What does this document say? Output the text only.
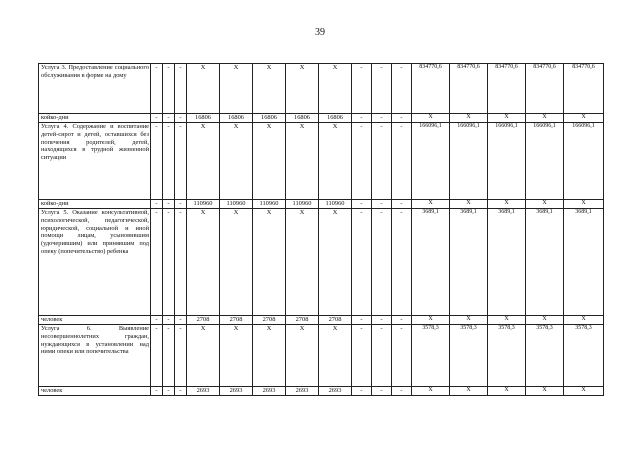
39
Услуга 3. Предоставление социального обслуживания в форме на дому	-	-	-	X	X	X	X	X	-	-	-	834770,6	834770,6	834770,6	834770,6	834770,6
койко-дни	-	-	-	16806	16806	16806	16806	16806	-	-	-	X	X	X	X	X
Услуга 4. Содержание и воспитание детей-сирот и детей, оставшихся без попечения родителей, детей, находящихся в трудной жизненной ситуации	-	-	-	X	X	X	X	X	-	-	-	166096,1	166096,1	166096,1	166096,1	166096,1
койко-дни	-	-	-	110960	110960	110960	110960	110960	-	-	-	X	X	X	X	X
Услуга 5. Оказание консультативной, психологической, педагогической, юридической, социальной и иной помощи лицам, усыновившим (удочерившим) или принявшим под опеку (попечительство) ребенка	-	-	-	X	X	X	X	X	-	-	-	3689,1	3689,1	3689,1	3689,1	3689,1
человек	-	-	-	2708	2708	2708	2708	2708	-	-	-	X	X	X	X	X
Услуга 6. Выявление несовершеннолетних граждан, нуждающихся в установлении над ними опеки или попечительства	-	-	-	X	X	X	X	X	-	-	-	3578,3	3578,3	3578,3	3578,3	3578,3
человек	-	-	-	2693	2693	2693	2693	2693	-	-	-	X	X	X	X	X
